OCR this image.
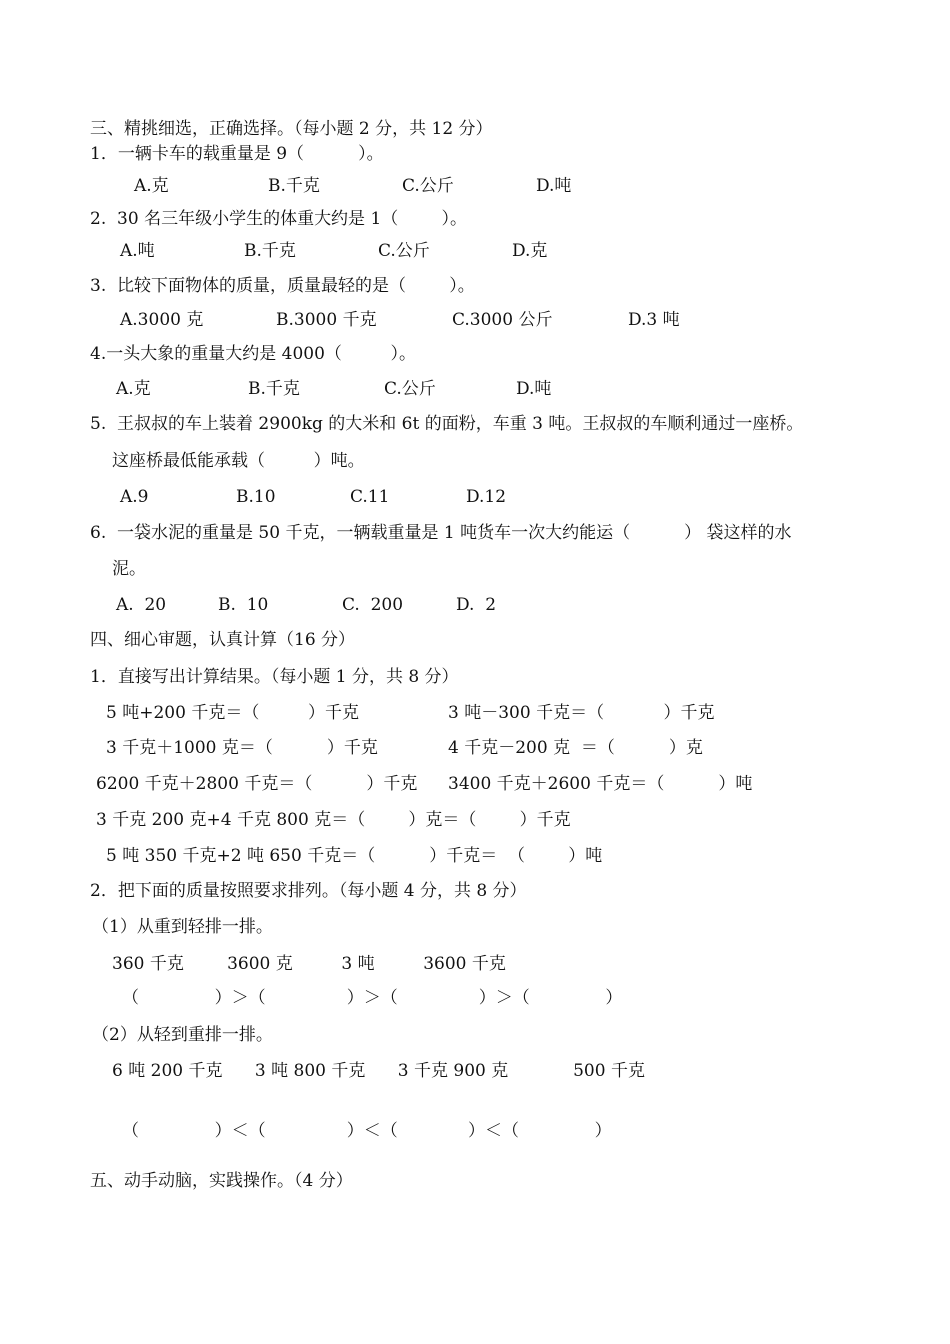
三、精挑细选，正确选择。（每小题 2 分，共 12 分）
1．一辆卡车的载重量是 9（          ）。
A.克	B.千克	C.公斤	D.吨
2.  30 名三年级小学生的体重大约是 1（        ）。
A.吨	B.千克	C.公斤	D.克
3.  比较下面物体的质量，质量最轻的是（        ）。
A.3000 克	B.3000 千克	C.3000 公斤	D.3 吨
4.一头大象的重量大约是 4000（         ）。
A.克	B.千克	C.公斤	D.吨
5.  王叔叔的车上装着 2900kg 的大米和 6t 的面粉，车重 3 吨。王叔叔的车顺利通过一座桥。
这座桥最低能承载（         ）吨。
A.9	B.10	C.11	D.12
6.  一袋水泥的重量是 50 千克，一辆载重量是 1 吨货车一次大约能运（          ） 袋这样的水
泥。
A.  20	B.  10	C.  200	D.  2
四、细心审题，认真计算（16 分）
1．直接写出计算结果。（每小题 1 分，共 8 分）
5 吨+200 千克＝（         ）千克	3 吨－300 千克＝（           ）千克
3 千克＋1000 克＝（          ）千克	4 千克－200 克  ＝（          ）克
6200 千克＋2800 千克＝（          ）千克 3400 千克＋2600 千克＝（          ）吨
3 千克 200 克+4 千克 800 克＝（        ）克＝（        ）千克
5 吨 350 千克+2 吨 650 千克＝（          ）千克＝  （        ）吨
2．把下面的质量按照要求排列。（每小题 4 分，共 8 分）
（1）从重到轻排一排。
360 千克        3600 克         3 吨         3600 千克
（              ）＞（               ）＞（               ）＞（              ）
（2）从轻到重排一排。
6 吨 200 千克      3 吨 800 千克      3 千克 900 克            500 千克
（              ）＜（               ）＜（             ）＜（              ）
五、动手动脑，实践操作。（4 分）
